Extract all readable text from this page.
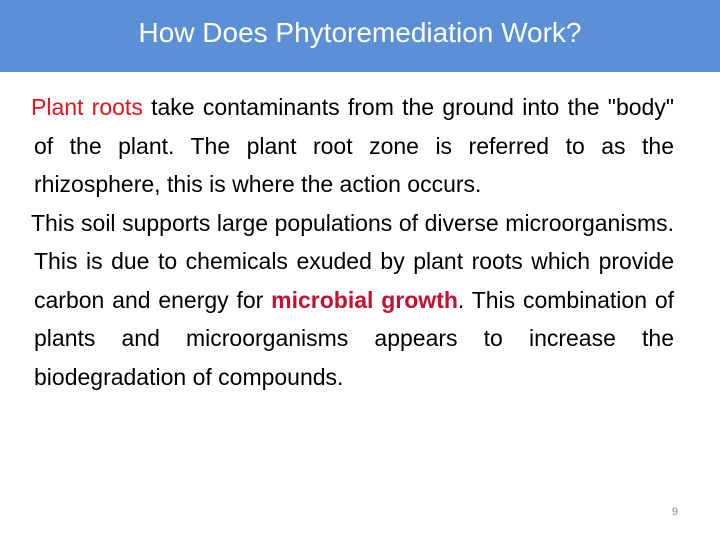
How Does Phytoremediation Work?

Plant roots take contaminants from the ground into the "body" of the plant. The plant root zone is referred to as the rhizosphere, this is where the action occurs.

This soil supports large populations of diverse microorganisms. This is due to chemicals exuded by plant roots which provide carbon and energy for microbial growth. This combination of plants and microorganisms appears to increase the biodegradation of compounds.

9
